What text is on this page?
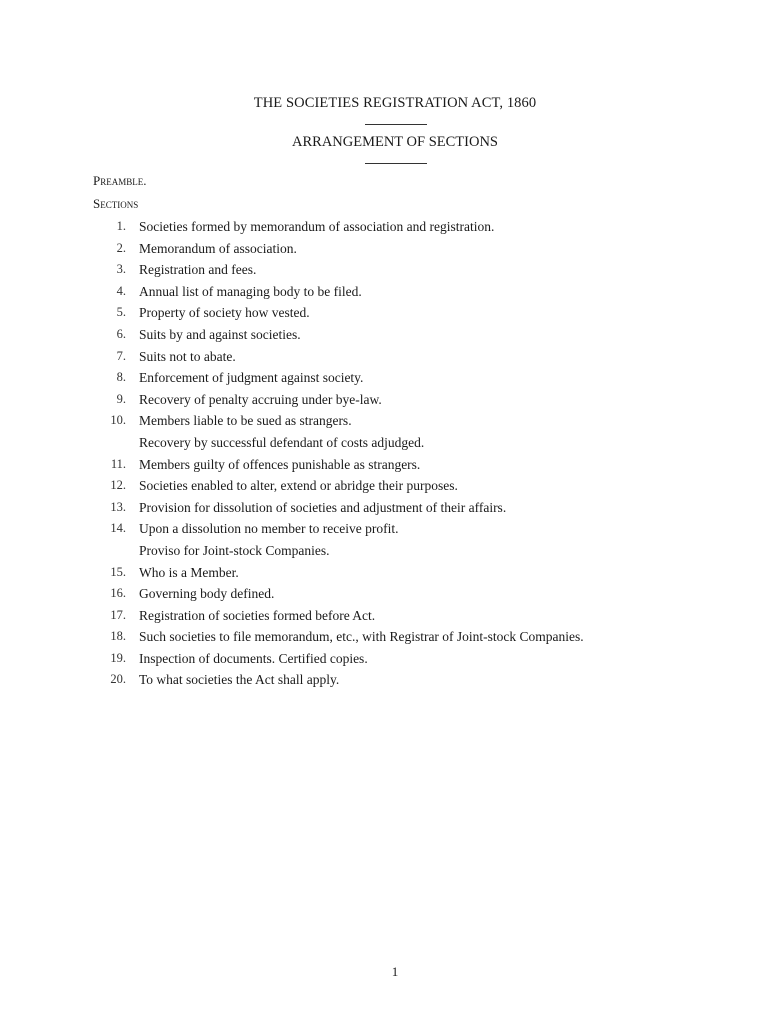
THE SOCIETIES REGISTRATION ACT, 1860
ARRANGEMENT OF SECTIONS
Preamble.
Sections
1. Societies formed by memorandum of association and registration.
2. Memorandum of association.
3. Registration and fees.
4. Annual list of managing body to be filed.
5. Property of society how vested.
6. Suits by and against societies.
7. Suits not to abate.
8. Enforcement of judgment against society.
9. Recovery of penalty accruing under bye-law.
10. Members liable to be sued as strangers.
Recovery by successful defendant of costs adjudged.
11. Members guilty of offences punishable as strangers.
12. Societies enabled to alter, extend or abridge their purposes.
13. Provision for dissolution of societies and adjustment of their affairs.
14. Upon a dissolution no member to receive profit.
Proviso for Joint-stock Companies.
15. Who is a Member.
16. Governing body defined.
17. Registration of societies formed before Act.
18. Such societies to file memorandum, etc., with Registrar of Joint-stock Companies.
19. Inspection of documents. Certified copies.
20. To what societies the Act shall apply.
1
